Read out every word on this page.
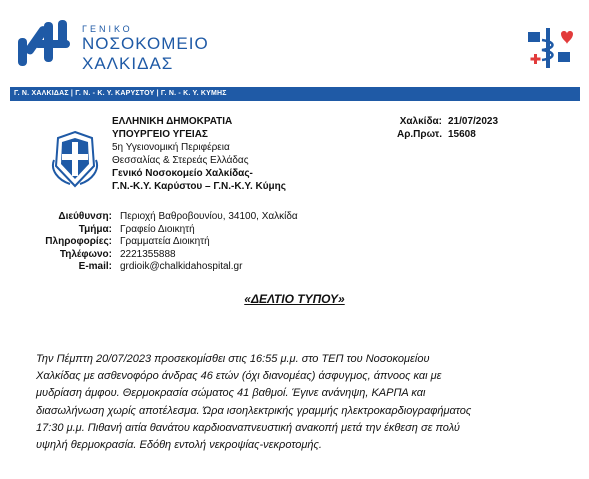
ΓΕΝΙΚΟ
ΝΟΣΟΚΟΜΕΙΟ
ΧΑΛΚΙΔΑΣ
Γ. Ν. ΧΑΛΚΙΔΑΣ | Γ. Ν. - Κ. Υ. ΚΑΡΥΣΤΟΥ | Γ. Ν. - Κ. Υ. ΚΥΜΗΣ
ΕΛΛΗΝΙΚΗ ΔΗΜΟΚΡΑΤΙΑ
ΥΠΟΥΡΓΕΙΟ ΥΓΕΙΑΣ
5η Υγειονομική Περιφέρεια
Θεσσαλίας & Στερεάς Ελλάδας
Γενικό Νοσοκομείο Χαλκίδας-
Γ.Ν.-Κ.Υ. Καρύστου – Γ.Ν.-Κ.Υ. Κύμης
Χαλκίδα: 21/07/2023
Αρ.Πρωτ. 15608
Διεύθυνση: Περιοχή Βαθροβουνίου, 34100, Χαλκίδα
Τμήμα: Γραφείο Διοικητή
Πληροφορίες: Γραμματεία Διοικητή
Τηλέφωνο: 2221355888
E-mail: grdioik@chalkidahospital.gr
«ΔΕΛΤΙΟ ΤΥΠΟΥ»
Την Πέμπτη 20/07/2023 προσεκομίσθει στις 16:55 μ.μ. στο ΤΕΠ του Νοσοκομείου
Χαλκίδας με ασθενοφόρο άνδρας 46 ετών (όχι διανομέας) άσφυγμος, άπνοος και με
μυδρίαση άμφου. Θερμοκρασία σώματος 41 βαθμοί. Έγινε ανάνηψη, ΚΑΡΠΑ και
διασωλήνωση χωρίς αποτέλεσμα. Ώρα ισοηλεκτρικής γραμμής ηλεκτροκαρδιογραφήματος
17:30 μ.μ. Πιθανή αιτία θανάτου καρδιοαναπνευστική ανακοπή μετά την έκθεση σε πολύ
υψηλή θερμοκρασία. Εδόθη εντολή νεκροψίας-νεκροτομής.
